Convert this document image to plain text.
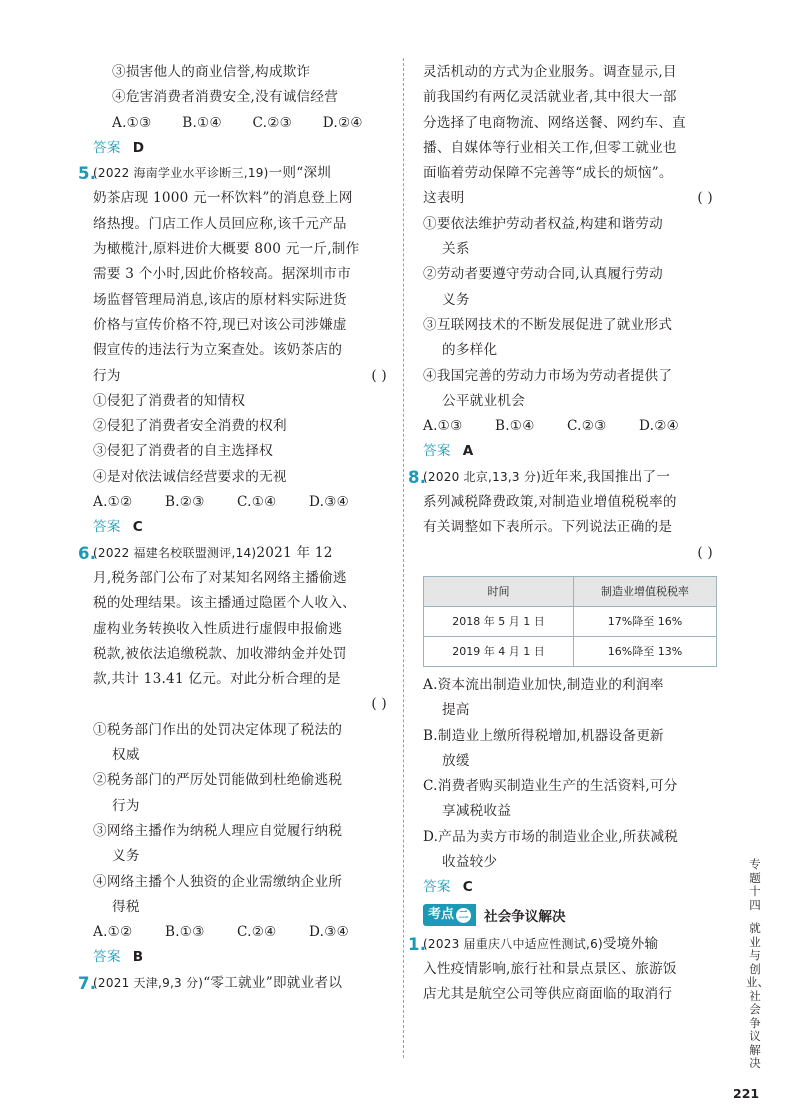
③损害他人的商业信誉,构成欺诈
④危害消费者消费安全,没有诚信经营
A.①③	B.①④	C.②③	D.②④
答案 D
5.
(2022 海南学业水平诊断三,19)一则“深圳
奶茶店现 1000 元一杯饮料”的消息登上网
络热搜。门店工作人员回应称,该千元产品
为橄榄汁,原料进价大概要 800 元一斤,制作
需要 3 个小时,因此价格较高。据深圳市市
场监督管理局消息,该店的原材料实际进货
价格与宣传价格不符,现已对该公司涉嫌虚
假宣传的违法行为立案查处。该奶茶店的
行为	( )
①侵犯了消费者的知情权
②侵犯了消费者安全消费的权利
③侵犯了消费者的自主选择权
④是对依法诚信经营要求的无视
A.①②	B.②③	C.①④	D.③④
答案 C
6.
(2022 福建名校联盟测评,14)2021 年 12
月,税务部门公布了对某知名网络主播偷逃
税的处理结果。该主播通过隐匿个人收入、
虚构业务转换收入性质进行虚假申报偷逃
税款,被依法追缴税款、加收滞纳金并处罚
款,共计 13.41 亿元。对此分析合理的是
( )
①税务部门作出的处罚决定体现了税法的
权威
②税务部门的严厉处罚能做到杜绝偷逃税
行为
③网络主播作为纳税人理应自觉履行纳税
义务
④网络主播个人独资的企业需缴纳企业所
得税
A.①②	B.①③	C.②④	D.③④
答案 B
7.
(2021 天津,9,3 分)“零工就业”即就业者以
灵活机动的方式为企业服务。调查显示,目
前我国约有两亿灵活就业者,其中很大一部
分选择了电商物流、网络送餐、网约车、直
播、自媒体等行业相关工作,但零工就业也
面临着劳动保障不完善等“成长的烦恼”。
这表明	( )
①要依法维护劳动者权益,构建和谐劳动
关系
②劳动者要遵守劳动合同,认真履行劳动
义务
③互联网技术的不断发展促进了就业形式
的多样化
④我国完善的劳动力市场为劳动者提供了
公平就业机会
A.①③	B.①④	C.②③	D.②④
答案 A
8.
(2020 北京,13,3 分)近年来,我国推出了一
系列减税降费政策,对制造业增值税税率的
有关调整如下表所示。下列说法正确的是
( )
时间	制造业增值税税率
2018 年 5 月 1 日	17%降至 16%
2019 年 4 月 1 日	16%降至 13%
A.资本流出制造业加快,制造业的利润率
提高
B.制造业上缴所得税增加,机器设备更新
放缓
C.消费者购买制造业生产的生活资料,可分
享减税收益
D.产品为卖方市场的制造业企业,所获减税
收益较少
答案 C
考点 二 社会争议解决
1.
(2023 届重庆八中适应性测试,6)受境外输
入性疫情影响,旅行社和景点景区、旅游饭
店尤其是航空公司等供应商面临的取消行
专题十四
就业与创业、社会争议解决
221
